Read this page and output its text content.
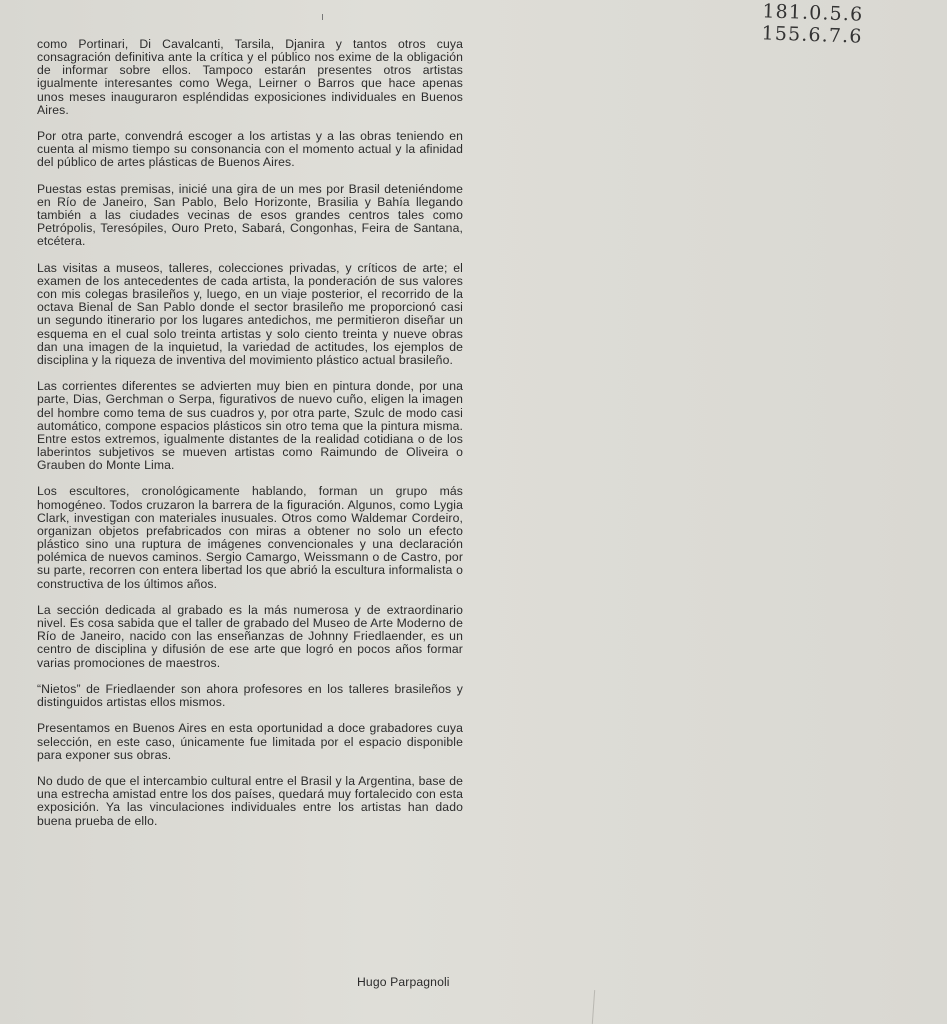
181.0.5.6
155.6.7.6

como Portinari, Di Cavalcanti, Tarsila, Djanira y tantos otros cuya consagración definitiva ante la crítica y el público nos exime de la obligación de informar sobre ellos. Tampoco estarán presentes otros artistas igualmente interesantes como Wega, Leirner o Barros que hace apenas unos meses inauguraron espléndidas exposiciones individuales en Buenos Aires.

Por otra parte, convendrá escoger a los artistas y a las obras teniendo en cuenta al mismo tiempo su consonancia con el momento actual y la afinidad del público de artes plásticas de Buenos Aires.

Puestas estas premisas, inicié una gira de un mes por Brasil deteniéndome en Río de Janeiro, San Pablo, Belo Horizonte, Brasilia y Bahía llegando también a las ciudades vecinas de esos grandes centros tales como Petrópolis, Teresópiles, Ouro Preto, Sabará, Congonhas, Feira de Santana, etcétera.

Las visitas a museos, talleres, colecciones privadas, y críticos de arte; el examen de los antecedentes de cada artista, la ponderación de sus valores con mis colegas brasileños y, luego, en un viaje posterior, el recorrido de la octava Bienal de San Pablo donde el sector brasileño me proporcionó casi un segundo itinerario por los lugares antedichos, me permitieron diseñar un esquema en el cual solo treinta artistas y solo ciento treinta y nueve obras dan una imagen de la inquietud, la variedad de actitudes, los ejemplos de disciplina y la riqueza de inventiva del movimiento plástico actual brasileño.

Las corrientes diferentes se advierten muy bien en pintura donde, por una parte, Dias, Gerchman o Serpa, figurativos de nuevo cuño, eligen la imagen del hombre como tema de sus cuadros y, por otra parte, Szulc de modo casi automático, compone espacios plásticos sin otro tema que la pintura misma. Entre estos extremos, igualmente distantes de la realidad cotidiana o de los laberintos subjetivos se mueven artistas como Raimundo de Oliveira o Grauben do Monte Lima.

Los escultores, cronológicamente hablando, forman un grupo más homogéneo. Todos cruzaron la barrera de la figuración. Algunos, como Lygia Clark, investigan con materiales inusuales. Otros como Waldemar Cordeiro, organizan objetos prefabricados con miras a obtener no solo un efecto plástico sino una ruptura de imágenes convencionales y una declaración polémica de nuevos caminos. Sergio Camargo, Weissmann o de Castro, por su parte, recorren con entera libertad los que abrió la escultura informalista o constructiva de los últimos años.

La sección dedicada al grabado es la más numerosa y de extraordinario nivel. Es cosa sabida que el taller de grabado del Museo de Arte Moderno de Río de Janeiro, nacido con las enseñanzas de Johnny Friedlaender, es un centro de disciplina y difusión de ese arte que logró en pocos años formar varias promociones de maestros.

“Nietos” de Friedlaender son ahora profesores en los talleres brasileños y distinguidos artistas ellos mismos.

Presentamos en Buenos Aires en esta oportunidad a doce grabadores cuya selección, en este caso, únicamente fue limitada por el espacio disponible para exponer sus obras.

No dudo de que el intercambio cultural entre el Brasil y la Argentina, base de una estrecha amistad entre los dos países, quedará muy fortalecido con esta exposición. Ya las vinculaciones individuales entre los artistas han dado buena prueba de ello.

Hugo Parpagnoli
